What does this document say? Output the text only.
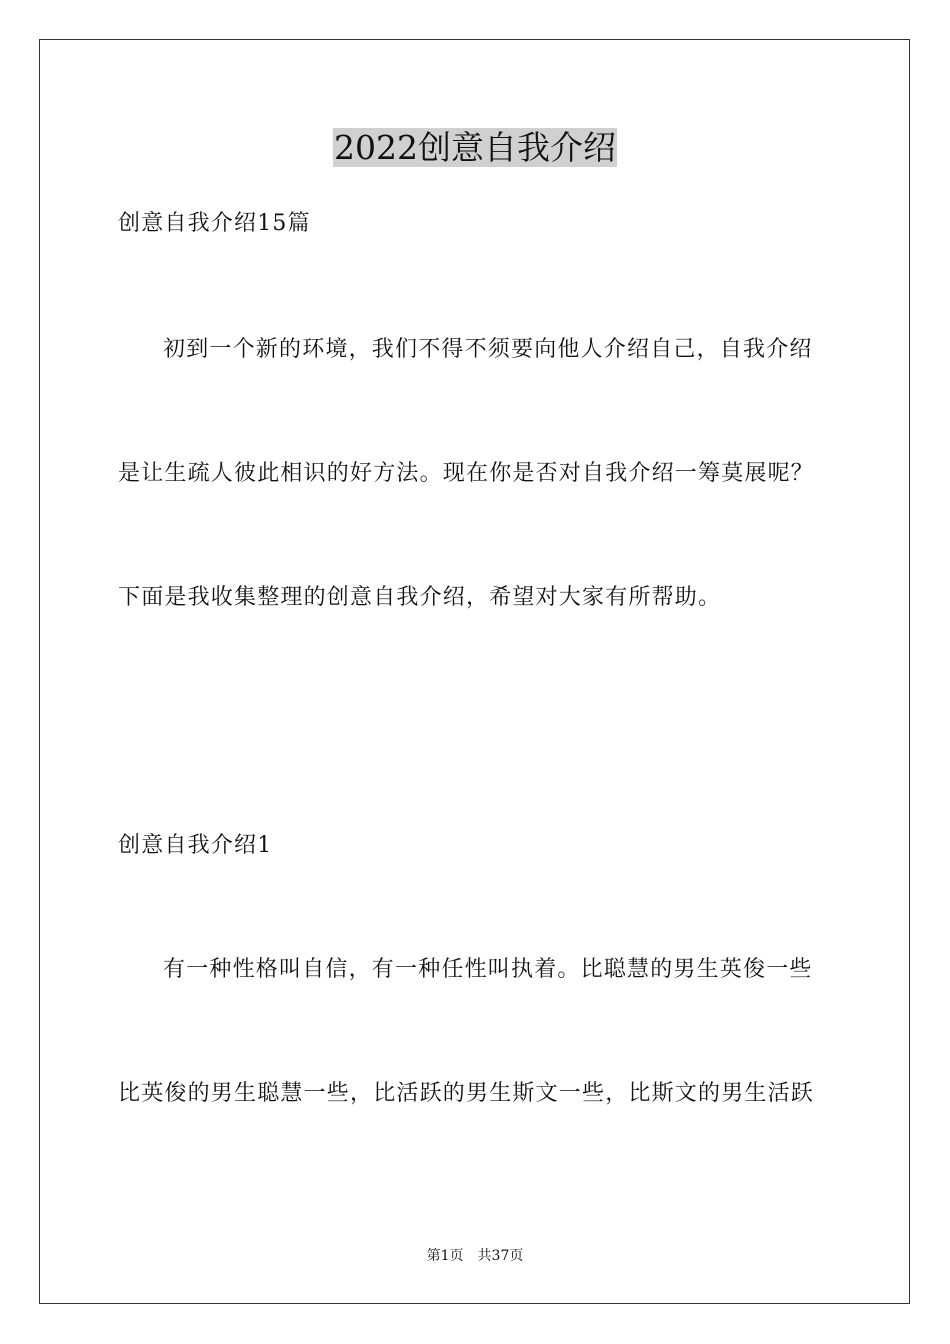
2022创意自我介绍
创意自我介绍15篇
初到一个新的环境，我们不得不须要向他人介绍自己，自我介绍
是让生疏人彼此相识的好方法。现在你是否对自我介绍一筹莫展呢？
下面是我收集整理的创意自我介绍，希望对大家有所帮助。
创意自我介绍1
有一种性格叫自信，有一种任性叫执着。比聪慧的男生英俊一些
比英俊的男生聪慧一些，比活跃的男生斯文一些，比斯文的男生活跃
第1页　共37页
